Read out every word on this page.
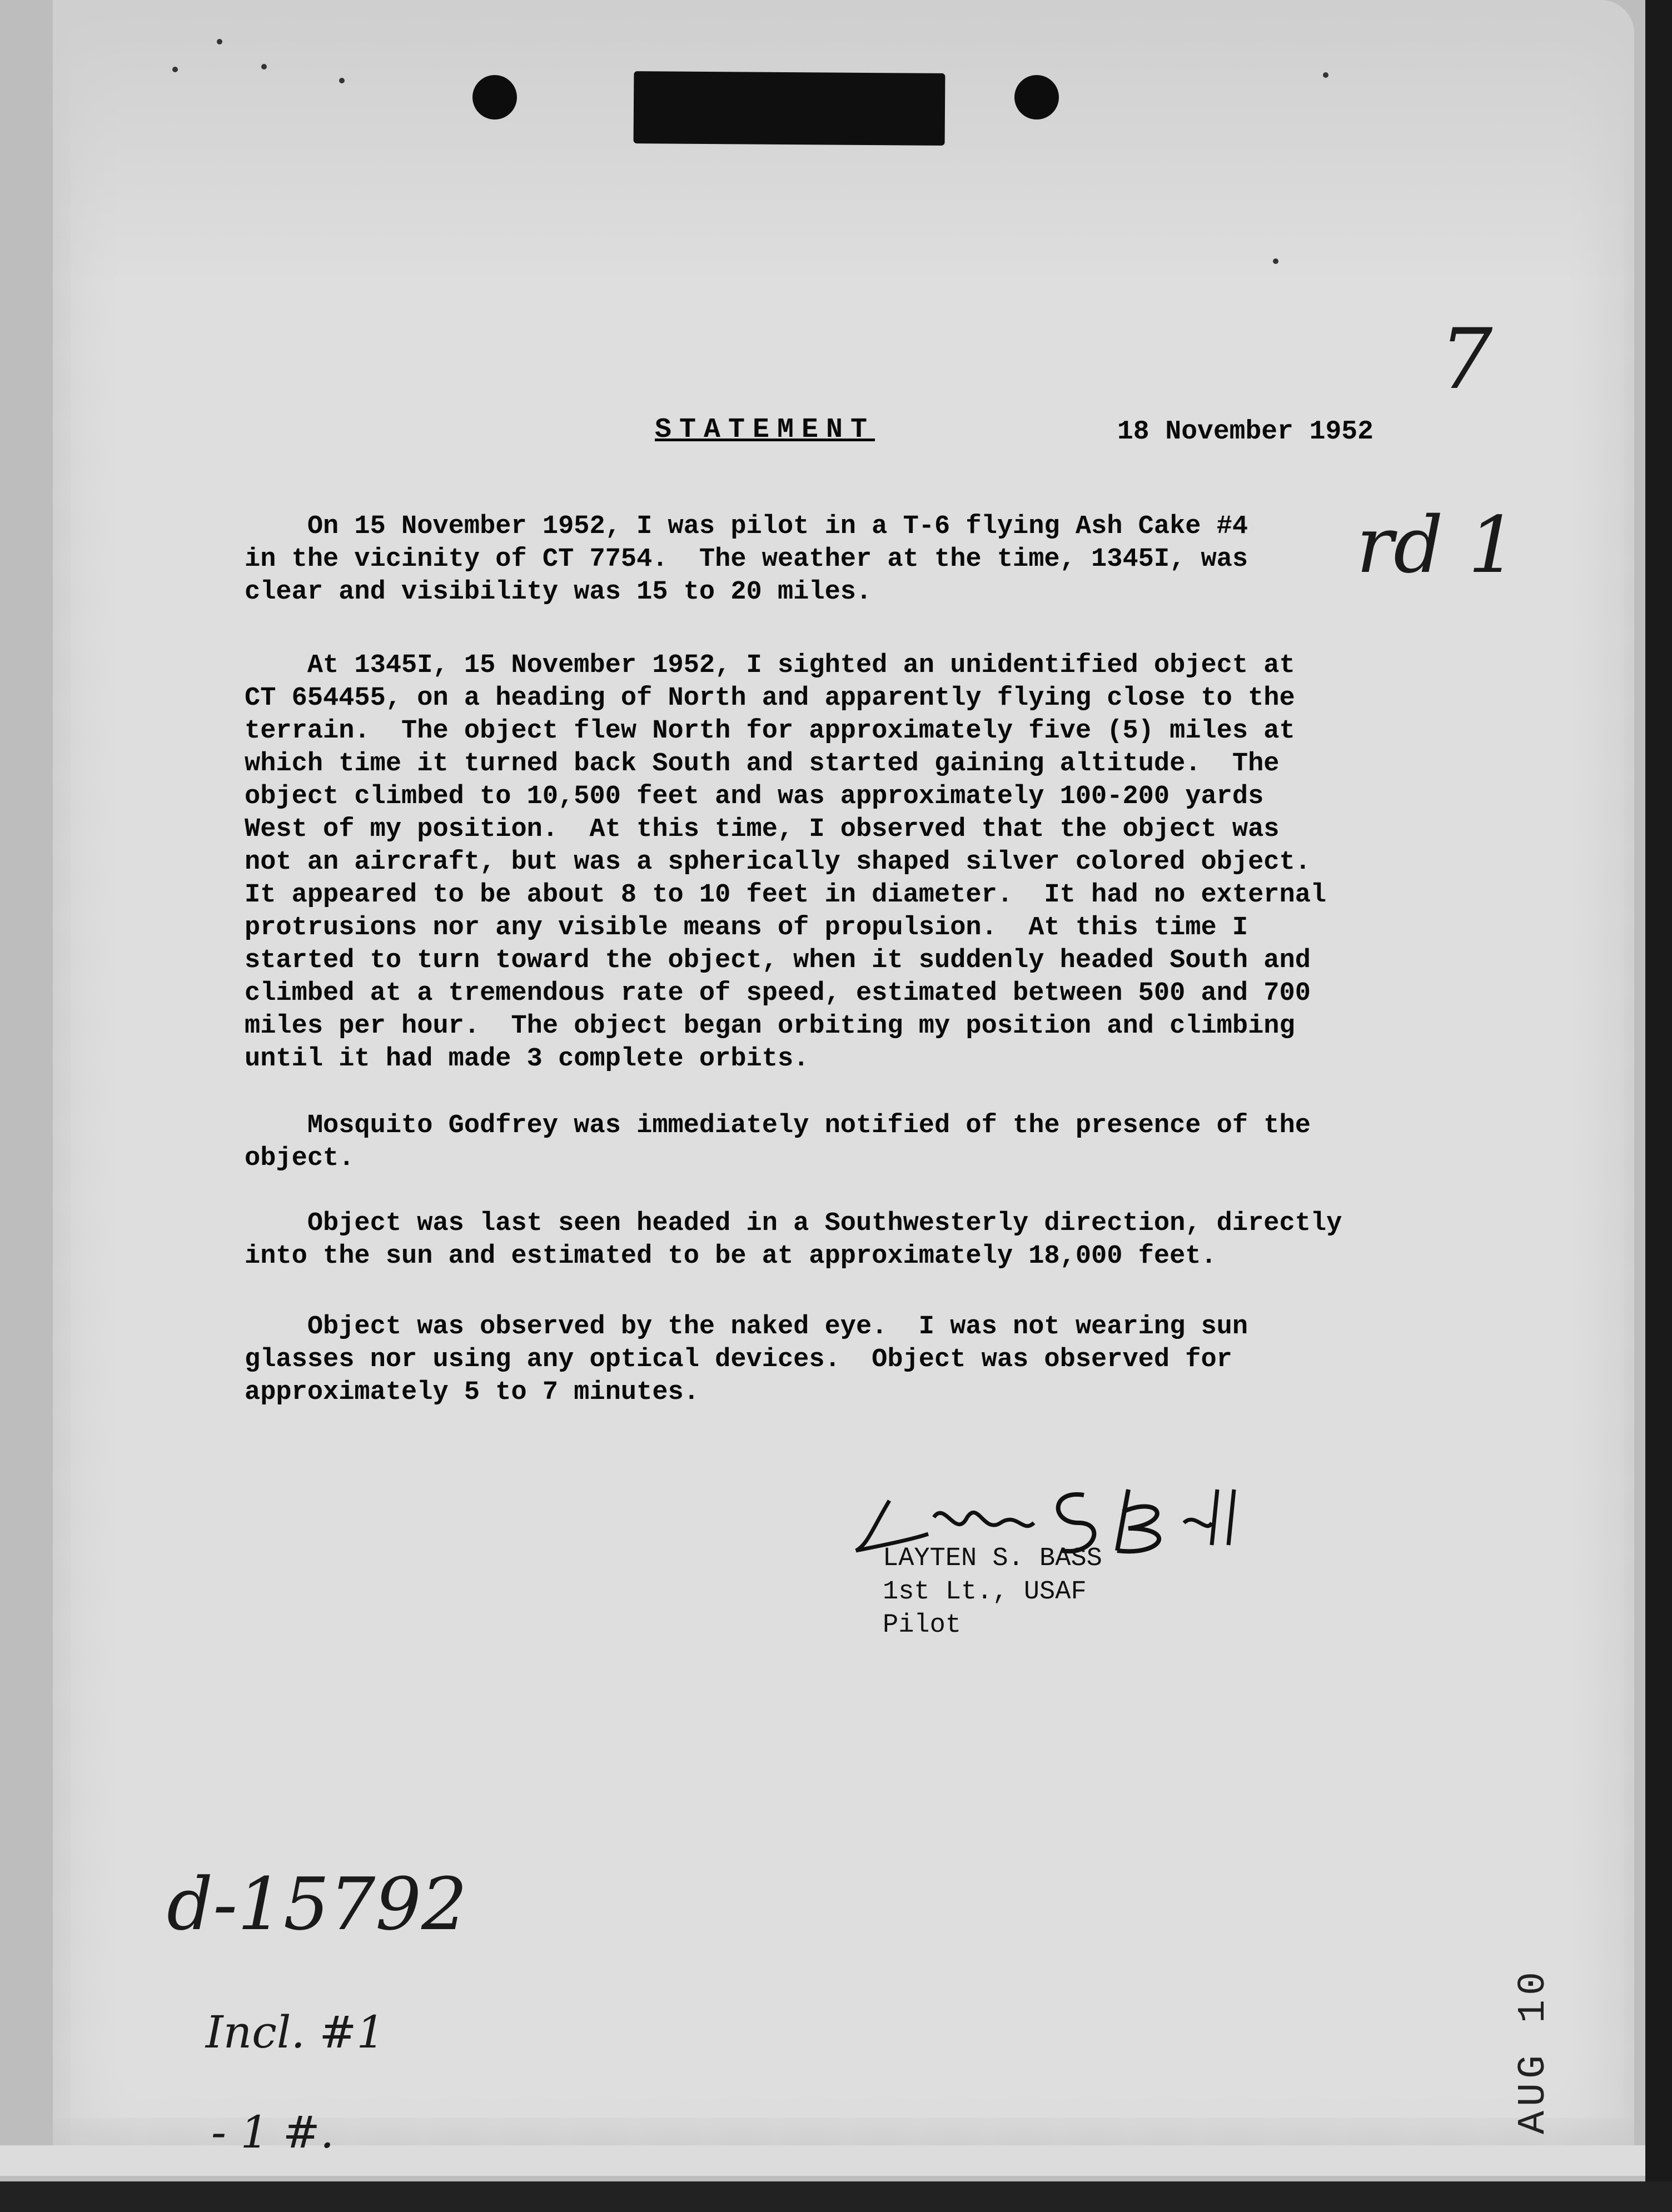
STATEMENT	18 November 1952

On 15 November 1952, I was pilot in a T-6 flying Ash Cake #4
in the vicinity of CT 7754.  The weather at the time, 1345I, was
clear and visibility was 15 to 20 miles.

At 1345I, 15 November 1952, I sighted an unidentified object at
CT 654455, on a heading of North and apparently flying close to the
terrain.  The object flew North for approximately five (5) miles at
which time it turned back South and started gaining altitude.  The
object climbed to 10,500 feet and was approximately 100-200 yards
West of my position.  At this time, I observed that the object was
not an aircraft, but was a spherically shaped silver colored object.
It appeared to be about 8 to 10 feet in diameter.  It had no external
protrusions nor any visible means of propulsion.  At this time I
started to turn toward the object, when it suddenly headed South and
climbed at a tremendous rate of speed, estimated between 500 and 700
miles per hour.  The object began orbiting my position and climbing
until it had made 3 complete orbits.

Mosquito Godfrey was immediately notified of the presence of the
object.

Object was last seen headed in a Southwesterly direction, directly
into the sun and estimated to be at approximately 18,000 feet.

Object was observed by the naked eye.  I was not wearing sun
glasses nor using any optical devices.  Object was observed for
approximately 5 to 7 minutes.

LAYTEN S. BASS
1st Lt., USAF
Pilot
7
rd 1
d-15792
Incl. #1
- 1 #.	AUG 10
